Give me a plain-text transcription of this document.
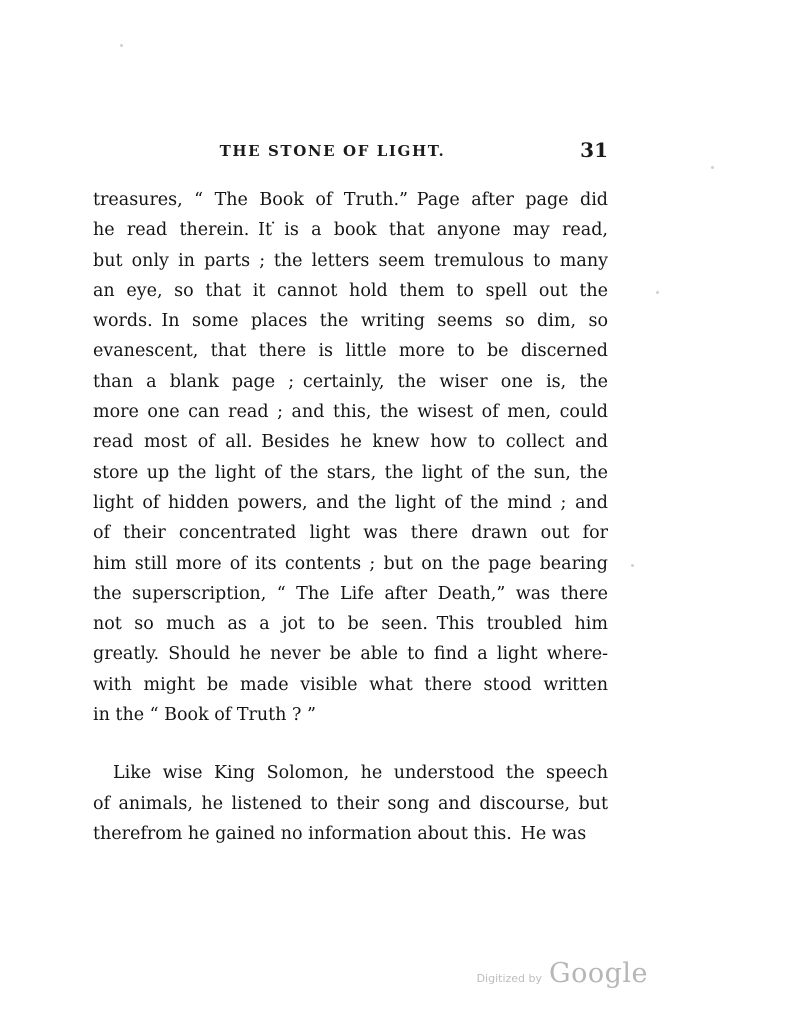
THE STONE OF LIGHT.	31
treasures, “ The Book of Truth.” Page after page did
he read therein. It ̇is a book that anyone may read,
but only in parts ; the letters seem tremulous to many
an eye, so that it cannot hold them to spell out the
words. In some places the writing seems so dim, so
evanescent, that there is little more to be discerned
than a blank page ; certainly, the wiser one is, the
more one can read ; and this, the wisest of men, could
read most of all. Besides he knew how to collect and
store up the light of the stars, the light of the sun, the
light of hidden powers, and the light of the mind ; and
of their concentrated light was there drawn out for
him still more of its contents ; but on the page bearing
the superscription, “ The Life after Death,” was there
not so much as a jot to be seen. This troubled him
greatly. Should he never be able to find a light where-
with might be made visible what there stood written
in the “ Book of Truth ? ”
Like wise King Solomon, he understood the speech
of animals, he listened to their song and discourse, but
therefrom he gained no information about this. He was
Digitized by Google
